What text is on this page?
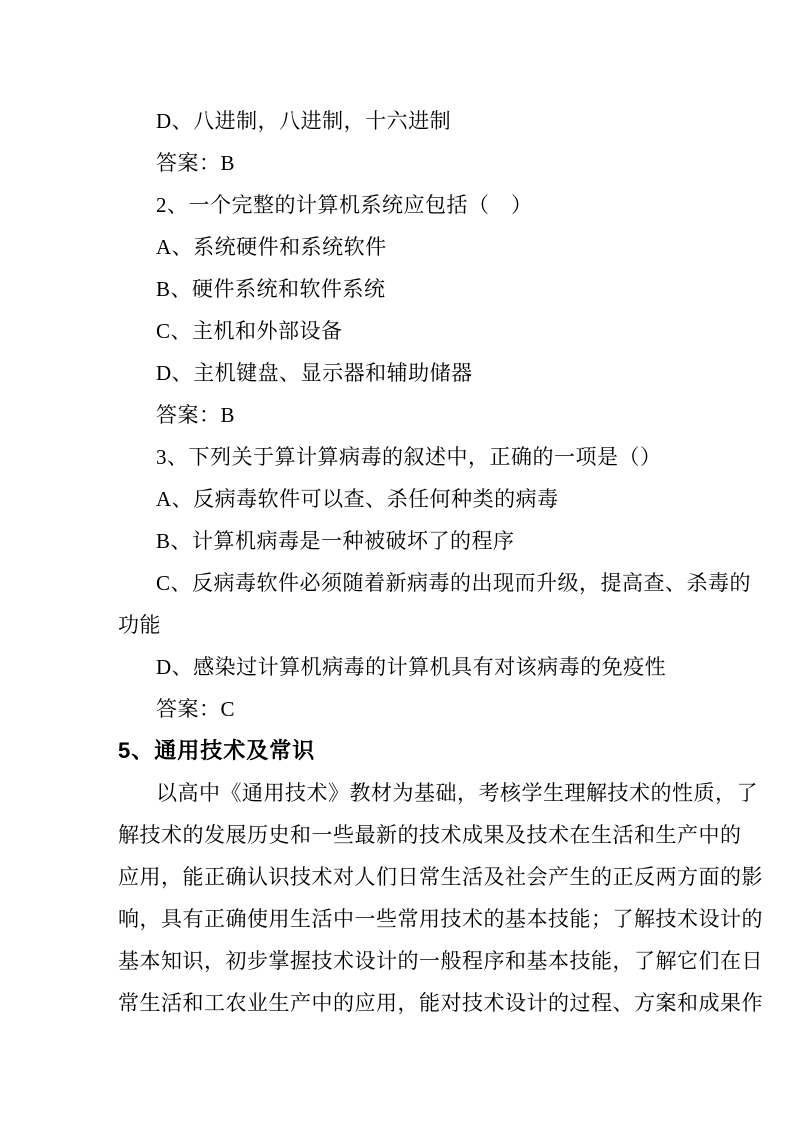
D、八进制，八进制，十六进制

答案：B

2、一个完整的计算机系统应包括（　）

A、系统硬件和系统软件

B、硬件系统和软件系统

C、主机和外部设备

D、主机键盘、显示器和辅助储器

答案：B

3、下列关于算计算病毒的叙述中，正确的一项是（）

A、反病毒软件可以查、杀任何种类的病毒

B、计算机病毒是一种被破坏了的程序

C、反病毒软件必须随着新病毒的出现而升级，提高查、杀毒的

功能

D、感染过计算机病毒的计算机具有对该病毒的免疫性

答案：C

5、通用技术及常识

以高中《通用技术》教材为基础，考核学生理解技术的性质，了

解技术的发展历史和一些最新的技术成果及技术在生活和生产中的

应用，能正确认识技术对人们日常生活及社会产生的正反两方面的影

响，具有正确使用生活中一些常用技术的基本技能；了解技术设计的

基本知识，初步掌握技术设计的一般程序和基本技能，了解它们在日

常生活和工农业生产中的应用，能对技术设计的过程、方案和成果作
